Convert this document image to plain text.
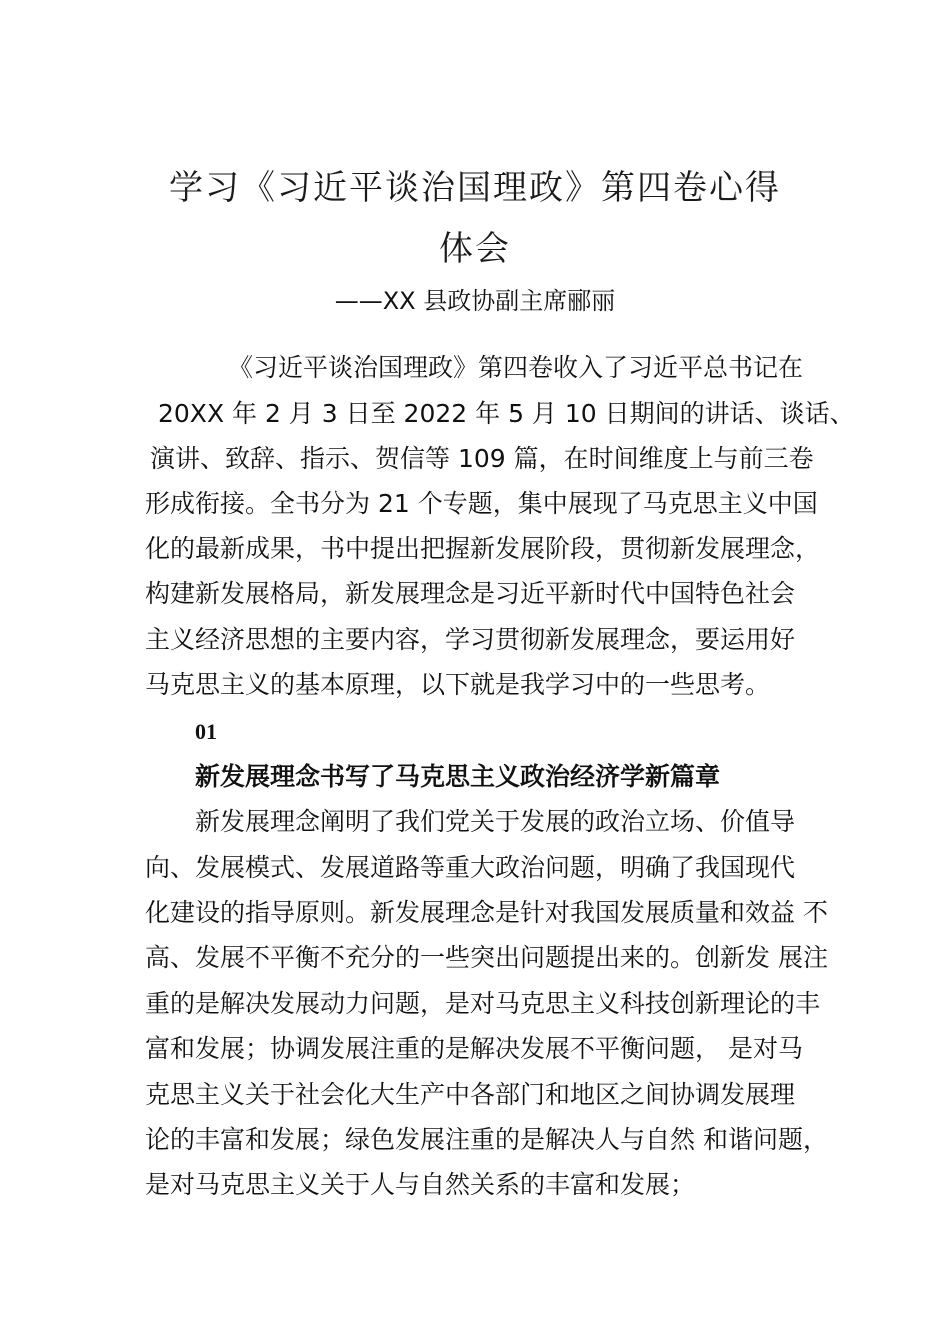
学习《习近平谈治国理政》第四卷心得
体会
——XX 县政协副主席郦丽
《习近平谈治国理政》第四卷收入了习近平总书记在
20XX 年 2 月 3 日至 2022 年 5 月 10 日期间的讲话、谈话、
演讲、致辞、指示、贺信等 109 篇，在时间维度上与前三卷
形成衔接。全书分为 21 个专题，集中展现了马克思主义中国
化的最新成果，书中提出把握新发展阶段，贯彻新发展理念，
构建新发展格局，新发展理念是习近平新时代中国特色社会
主义经济思想的主要内容，学习贯彻新发展理念，要运用好
马克思主义的基本原理，以下就是我学习中的一些思考。
01
新发展理念书写了马克思主义政治经济学新篇章
新发展理念阐明了我们党关于发展的政治立场、价值导
向、发展模式、发展道路等重大政治问题，明确了我国现代
化建设的指导原则。新发展理念是针对我国发展质量和效益 不
高、发展不平衡不充分的一些突出问题提出来的。创新发 展注
重的是解决发展动力问题，是对马克思主义科技创新理论的丰
富和发展；协调发展注重的是解决发展不平衡问题， 是对马
克思主义关于社会化大生产中各部门和地区之间协调发展理
论的丰富和发展；绿色发展注重的是解决人与自然 和谐问题，
是对马克思主义关于人与自然关系的丰富和发展；
